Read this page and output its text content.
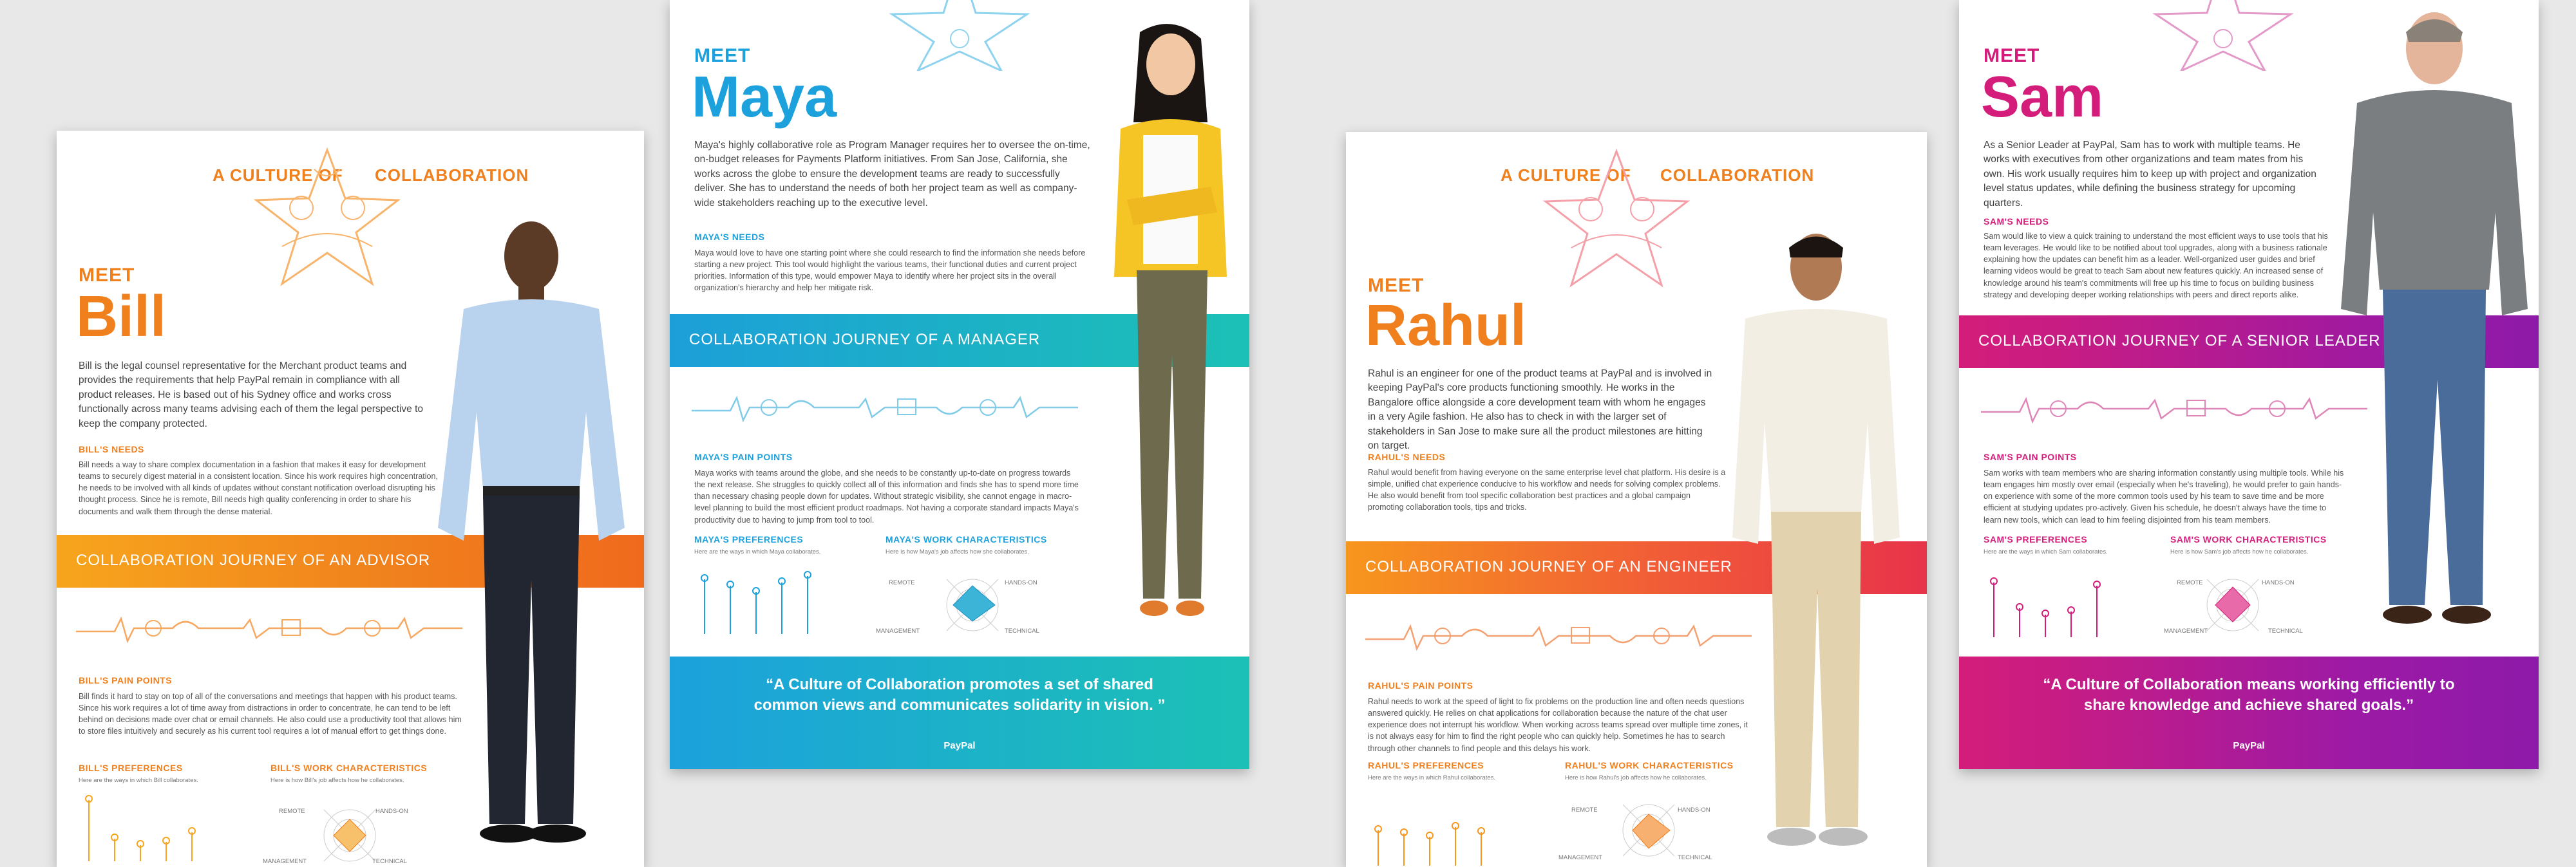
A CULTURE OF COLLABORATION
MEET
Bill
Bill is the legal counsel representative for the Merchant product teams and provides the requirements that help PayPal remain in compliance with all product releases. He is based out of his Sydney office and works cross functionally across many teams advising each of them the legal perspective to keep the company protected.
BILL'S NEEDS
Bill needs a way to share complex documentation in a fashion that makes it easy for development teams to securely digest material in a consistent location. Since his work requires high concentration, he needs to be involved with all kinds of updates without constant notification overload disrupting his thought process. Since he is remote, Bill needs high quality conferencing in order to share his documents and walk them through the dense material.
COLLABORATION JOURNEY OF AN ADVISOR
BILL'S PAIN POINTS
Bill finds it hard to stay on top of all of the conversations and meetings that happen with his product teams. Since his work requires a lot of time away from distractions in order to concentrate, he can tend to be left behind on decisions made over chat or email channels. He also could use a productivity tool that allows him to store files intuitively and securely as his current tool requires a lot of manual effort to get things done.
BILL'S PREFERENCES
Here are the ways in which Bill collaborates.
BILL'S WORK CHARACTERISTICS
Here is how Bill's job affects how he collaborates.
REMOTE	HANDS-ON
MANAGEMENT	TECHNICAL
MEET
Maya
Maya's highly collaborative role as Program Manager requires her to oversee the on-time, on-budget releases for Payments Platform initiatives. From San Jose, California, she works across the globe to ensure the development teams are ready to successfully deliver. She has to understand the needs of both her project team as well as company-wide stakeholders reaching up to the executive level.
MAYA'S NEEDS
Maya would love to have one starting point where she could research to find the information she needs before starting a new project. This tool would highlight the various teams, their functional duties and current project priorities. Information of this type, would empower Maya to identify where her project sits in the overall organization's hierarchy and help her mitigate risk.
COLLABORATION JOURNEY OF A MANAGER
MAYA'S PAIN POINTS
Maya works with teams around the globe, and she needs to be constantly up-to-date on progress towards the next release. She struggles to quickly collect all of this information and finds she has to spend more time than necessary chasing people down for updates. Without strategic visibility, she cannot engage in macro-level planning to build the most efficient product roadmaps. Not having a corporate standard impacts Maya's productivity due to having to jump from tool to tool.
MAYA'S PREFERENCES
Here are the ways in which Maya collaborates.
MAYA'S WORK CHARACTERISTICS
Here is how Maya's job affects how she collaborates.
REMOTE	HANDS-ON
MANAGEMENT	TECHNICAL
“A Culture of Collaboration promotes a set of shared common views and communicates solidarity in vision. ”
PayPal
A CULTURE OF COLLABORATION
MEET
Rahul
Rahul is an engineer for one of the product teams at PayPal and is involved in keeping PayPal's core products functioning smoothly. He works in the Bangalore office alongside a core development team with whom he engages in a very Agile fashion. He also has to check in with the larger set of stakeholders in San Jose to make sure all the product milestones are hitting on target.
RAHUL'S NEEDS
Rahul would benefit from having everyone on the same enterprise level chat platform. His desire is a simple, unified chat experience conducive to his workflow and needs for solving complex problems. He also would benefit from tool specific collaboration best practices and a global campaign promoting collaboration tools, tips and tricks.
COLLABORATION JOURNEY OF AN ENGINEER
RAHUL'S PAIN POINTS
Rahul needs to work at the speed of light to fix problems on the production line and often needs questions answered quickly. He relies on chat applications for collaboration because the nature of the chat user experience does not interrupt his workflow. When working across teams spread over multiple time zones, it is not always easy for him to find the right people who can quickly help. Sometimes he has to search through other channels to find people and this delays his work.
RAHUL'S PREFERENCES
Here are the ways in which Rahul collaborates.
RAHUL'S WORK CHARACTERISTICS
Here is how Rahul's job affects how he collaborates.
REMOTE	HANDS-ON
MANAGEMENT	TECHNICAL
MEET
Sam
As a Senior Leader at PayPal, Sam has to work with multiple teams. He works with executives from other organizations and team mates from his own. His work usually requires him to keep up with project and organization level status updates, while defining the business strategy for upcoming quarters.
SAM'S NEEDS
Sam would like to view a quick training to understand the most efficient ways to use tools that his team leverages. He would like to be notified about tool upgrades, along with a business rationale explaining how the updates can benefit him as a leader. Well-organized user guides and brief learning videos would be great to teach Sam about new features quickly. An increased sense of knowledge around his team's commitments will free up his time to focus on building business strategy and developing deeper working relationships with peers and direct reports alike.
COLLABORATION JOURNEY OF A SENIOR LEADER
SAM'S PAIN POINTS
Sam works with team members who are sharing information constantly using multiple tools. While his team engages him mostly over email (especially when he's traveling), he would prefer to gain hands-on experience with some of the more common tools used by his team to save time and be more efficient at studying updates pro-actively. Given his schedule, he doesn't always have the time to learn new tools, which can lead to him feeling disjointed from his team members.
SAM'S PREFERENCES
Here are the ways in which Sam collaborates.
SAM'S WORK CHARACTERISTICS
Here is how Sam's job affects how he collaborates.
REMOTE	HANDS-ON
MANAGEMENT	TECHNICAL
“A Culture of Collaboration means working efficiently to share knowledge and achieve shared goals.”
PayPal
